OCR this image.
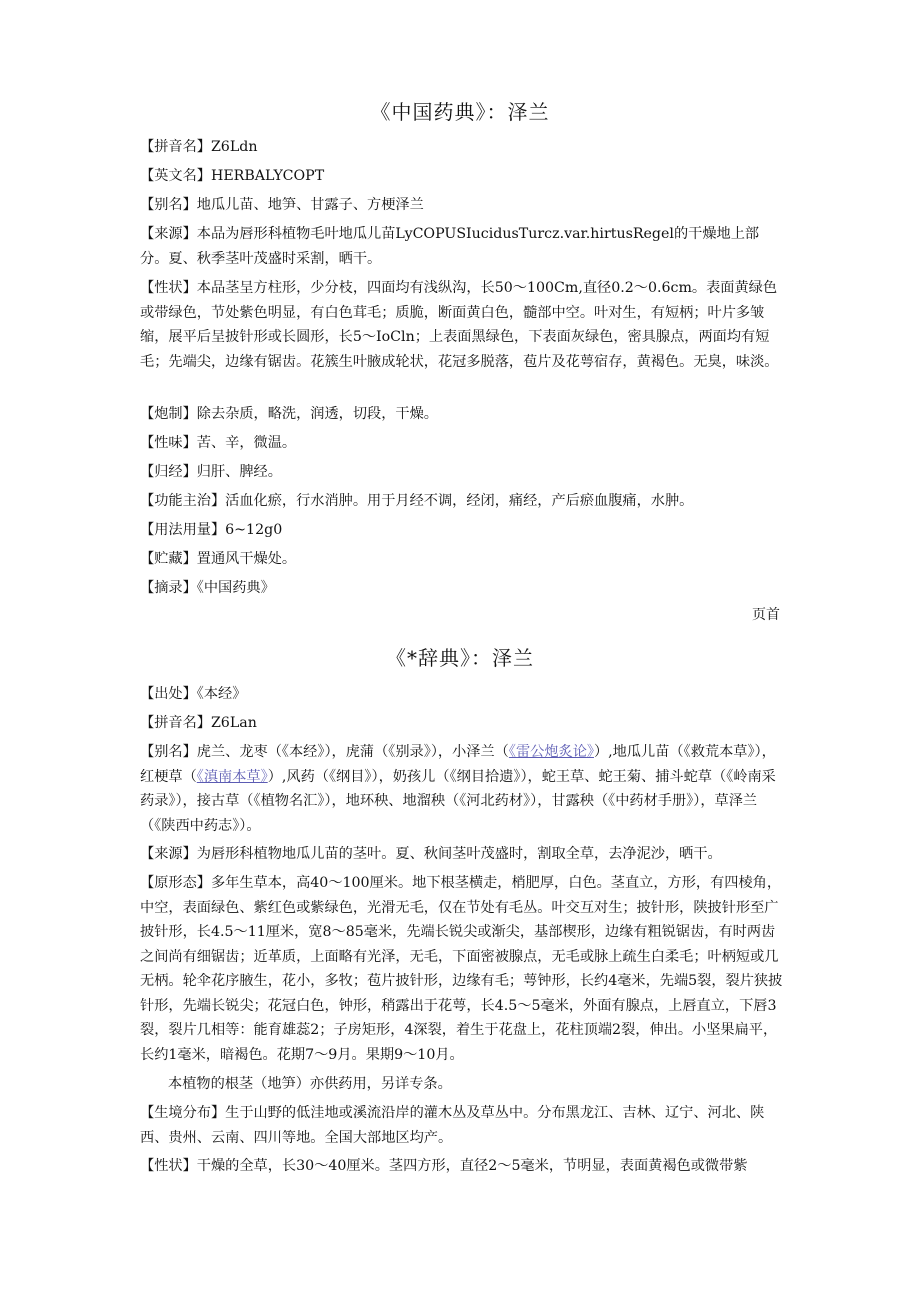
《中国药典》：泽兰
【拼音名】Z6Ldn
【英文名】HERBALYCOPT
【别名】地瓜儿苗、地笋、甘露子、方梗泽兰
【来源】本品为唇形科植物毛叶地瓜儿苗LyCOPUSIucidusTurcz.var.hirtusRegel的干燥地上部分。夏、秋季茎叶茂盛时采割，晒干。
【性状】本品茎呈方柱形，少分枝，四面均有浅纵沟，长50～100Cm,直径0.2～0.6cm。表面黄绿色或带绿色，节处紫色明显，有白色茸毛；质脆，断面黄白色，髓部中空。叶对生，有短柄；叶片多皱缩，展平后呈披针形或长圆形，长5～IoCln；上表面黑绿色，下表面灰绿色，密具腺点，两面均有短毛；先端尖，边缘有锯齿。花簇生叶腋成轮状，花冠多脱落，苞片及花萼宿存，黄褐色。无臭，味淡。
【炮制】除去杂质，略洗，润透，切段，干燥。
【性味】苦、辛，微温。
【归经】归肝、脾经。
【功能主治】活血化瘀，行水消肿。用于月经不调，经闭，痛经，产后瘀血腹痛，水肿。
【用法用量】6~12g0
【贮藏】置通风干燥处。
【摘录】《中国药典》
页首
《*辞典》：泽兰
【出处】《本经》
【拼音名】Z6Lan
【别名】虎兰、龙枣（《本经》），虎蒲（《别录》），小泽兰（《雷公炮炙论》）,地瓜儿苗（《救荒本草》），红梗草（《滇南本草》）,风药（《纲目》），奶孩儿（《纲目拾遗》），蛇王草、蛇王菊、捕斗蛇草（《岭南采药录》），接古草（《植物名汇》），地环秧、地溜秧（《河北药材》），甘露秧（《中药材手册》），草泽兰（《陕西中药志》）。
【来源】为唇形科植物地瓜儿苗的茎叶。夏、秋间茎叶茂盛时，割取全草，去净泥沙，晒干。
【原形态】多年生草本，高40～100厘米。地下根茎横走，梢肥厚，白色。茎直立，方形，有四棱角，中空，表面绿色、紫红色或紫绿色，光滑无毛，仅在节处有毛丛。叶交互对生；披针形，陕披针形至广披针形，长4.5～11厘米，宽8～85毫米，先端长锐尖或渐尖，基部楔形，边缘有粗锐锯齿，有时两齿之间尚有细锯齿；近革质，上面略有光泽，无毛，下面密被腺点，无毛或脉上疏生白柔毛；叶柄短或几无柄。轮伞花序腋生，花小，多牧；苞片披针形，边缘有毛；萼钟形，长约4毫米，先端5裂，裂片狭披针形，先端长锐尖；花冠白色，钟形，稍露出于花萼，长4.5～5毫米，外面有腺点，上唇直立，下唇3裂，裂片几相等：能育雄蕊2；子房矩形，4深裂，着生于花盘上，花柱顶端2裂，伸出。小坚果扁平，长约1毫米，暗褐色。花期7～9月。果期9～10月。
本植物的根茎（地笋）亦供药用，另详专条。
【生境分布】生于山野的低洼地或溪流沿岸的灌木丛及草丛中。分布黑龙江、吉林、辽宁、河北、陕西、贵州、云南、四川等地。全国大部地区均产。
【性状】干燥的全草，长30～40厘米。茎四方形，直径2～5毫米，节明显，表面黄褐色或微带紫
